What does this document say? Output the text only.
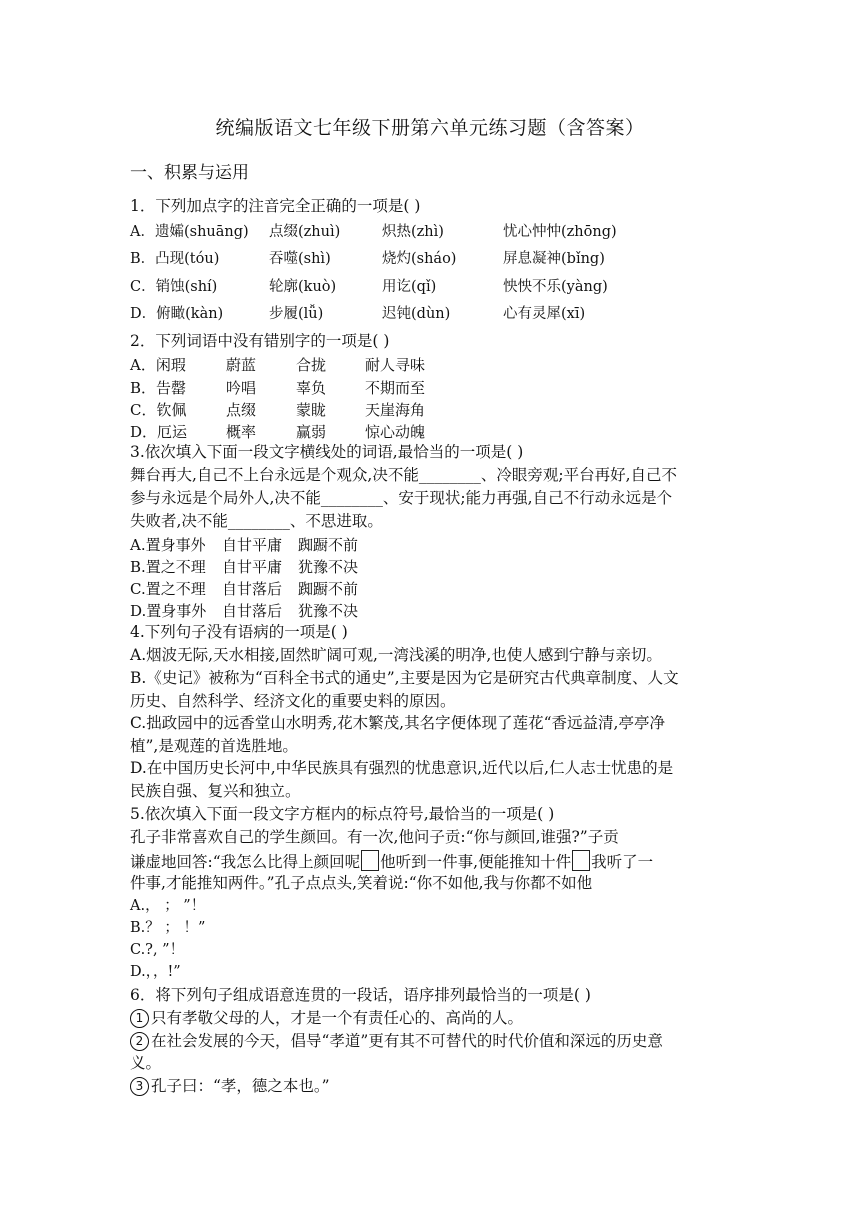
统编版语文七年级下册第六单元练习题（含答案）
一、积累与运用
1．下列加点字的注音完全正确的一项是( )
A．遗孀(shuāng) 点缀(zhuì)	炽热(zhì)	忧心忡忡(zhōng)
B．凸现(tóu)	吞噬(shì)	烧灼(sháo)	屏息凝神(bǐng)
C．销蚀(shí)	轮廓(kuò)	用讫(qǐ)	怏怏不乐(yàng)
D．俯瞰(kàn)	步履(lǚ)	迟钝(dùn)	心有灵犀(xī)
2．下列词语中没有错别字的一项是( )
A．闲瑕	蔚蓝	合拢	耐人寻味
B．告罄	吟唱	辜负	不期而至
C．钦佩	点缀	蒙眬	天崖海角
D．厄运	概率	赢弱	惊心动魄
3.依次填入下面一段文字横线处的词语,最恰当的一项是( )
舞台再大,自己不上台永远是个观众,决不能________、冷眼旁观;平台再好,自己不
参与永远是个局外人,决不能________、安于现状;能力再强,自己不行动永远是个
失败者,决不能________、不思进取。
A.置身事外 自甘平庸 踟蹰不前
B.置之不理 自甘平庸 犹豫不决
C.置之不理 自甘落后 踟蹰不前
D.置身事外 自甘落后 犹豫不决
4.下列句子没有语病的一项是( )
A.烟波无际,天水相接,固然旷阔可观,一湾浅溪的明净,也使人感到宁静与亲切。
B.《史记》被称为“百科全书式的通史”,主要是因为它是研究古代典章制度、人文
历史、自然科学、经济文化的重要史料的原因。
C.拙政园中的远香堂山水明秀,花木繁茂,其名字便体现了莲花“香远益清,亭亭净
植”,是观莲的首选胜地。
D.在中国历史长河中,中华民族具有强烈的忧患意识,近代以后,仁人志士忧患的是
民族自强、复兴和独立。
5.依次填入下面一段文字方框内的标点符号,最恰当的一项是( )
孔子非常喜欢自己的学生颜回。有一次,他问子贡:“你与颜回,谁强?”子贡
谦虚地回答:“我怎么比得上颜回呢 他听到一件事,便能推知十件 我听了一
件事,才能推知两件。”孔子点点头,笑着说:“你不如他,我与你都不如他
A.， ； ”！
B.？ ； ！”
C.?, ”！
D.，，!”
6．将下列句子组成语意连贯的一段话，语序排列最恰当的一项是( )
1 只有孝敬父母的人，才是一个有责任心的、高尚的人。
2 在社会发展的今天，倡导“孝道”更有其不可替代的时代价值和深远的历史意
义。
3 孔子曰：“孝，德之本也。”
